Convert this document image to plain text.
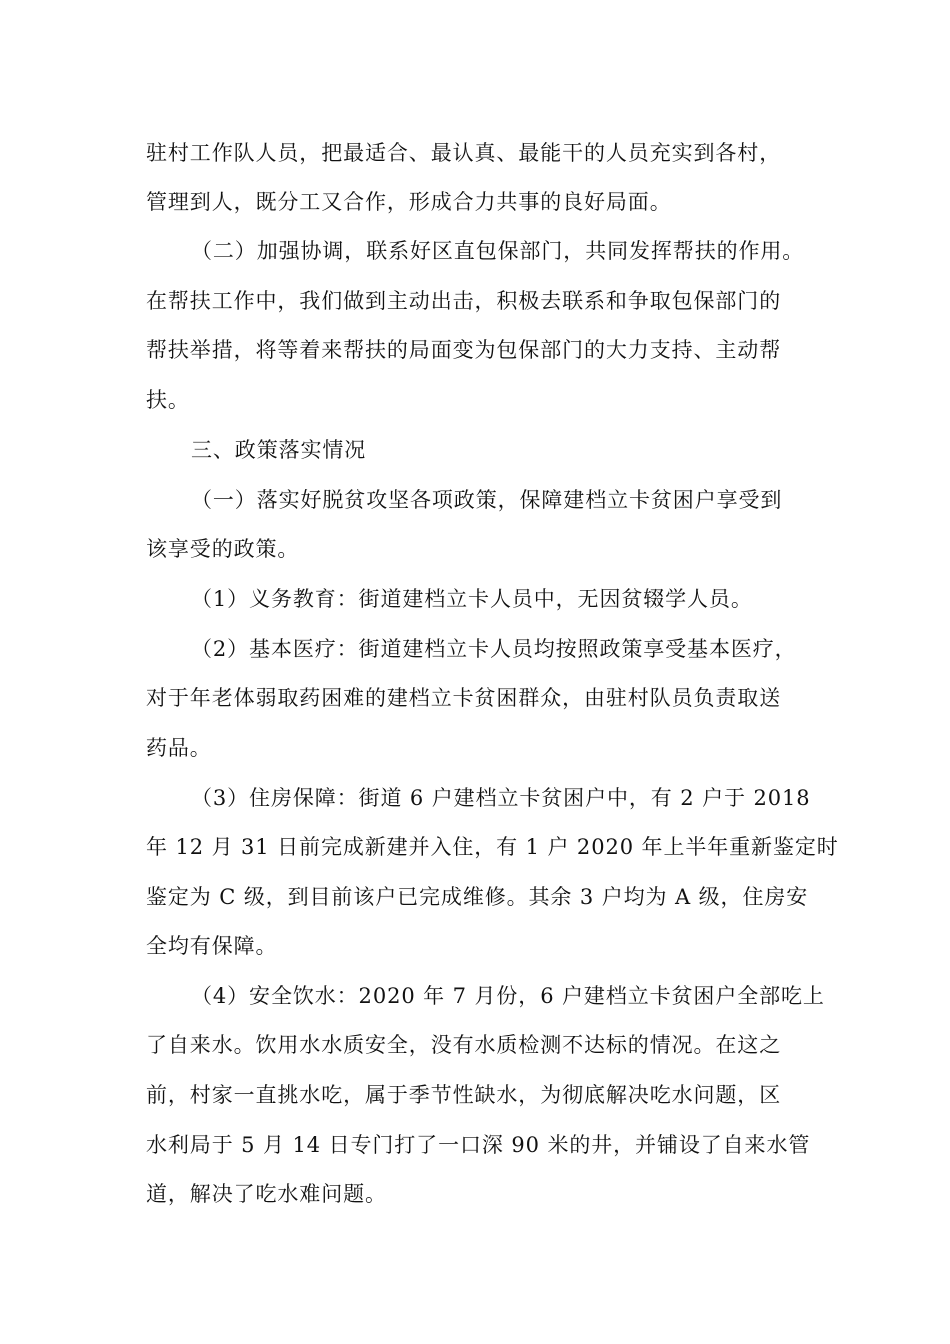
驻村工作队人员，把最适合、最认真、最能干的人员充实到各村，
管理到人，既分工又合作，形成合力共事的良好局面。
（二）加强协调，联系好区直包保部门，共同发挥帮扶的作用。
在帮扶工作中，我们做到主动出击，积极去联系和争取包保部门的
帮扶举措，将等着来帮扶的局面变为包保部门的大力支持、主动帮
扶。
三、政策落实情况
（一）落实好脱贫攻坚各项政策，保障建档立卡贫困户享受到
该享受的政策。
（1）义务教育：街道建档立卡人员中，无因贫辍学人员。
（2）基本医疗：街道建档立卡人员均按照政策享受基本医疗，
对于年老体弱取药困难的建档立卡贫困群众，由驻村队员负责取送
药品。
（3）住房保障：街道 6 户建档立卡贫困户中，有 2 户于 2018
年 12 月 31 日前完成新建并入住，有 1 户 2020 年上半年重新鉴定时
鉴定为 C 级，到目前该户已完成维修。其余 3 户均为 A 级，住房安
全均有保障。
（4）安全饮水：2020 年 7 月份，6 户建档立卡贫困户全部吃上
了自来水。饮用水水质安全，没有水质检测不达标的情况。在这之
前，村家一直挑水吃，属于季节性缺水，为彻底解决吃水问题，区
水利局于 5 月 14 日专门打了一口深 90 米的井，并铺设了自来水管
道，解决了吃水难问题。
